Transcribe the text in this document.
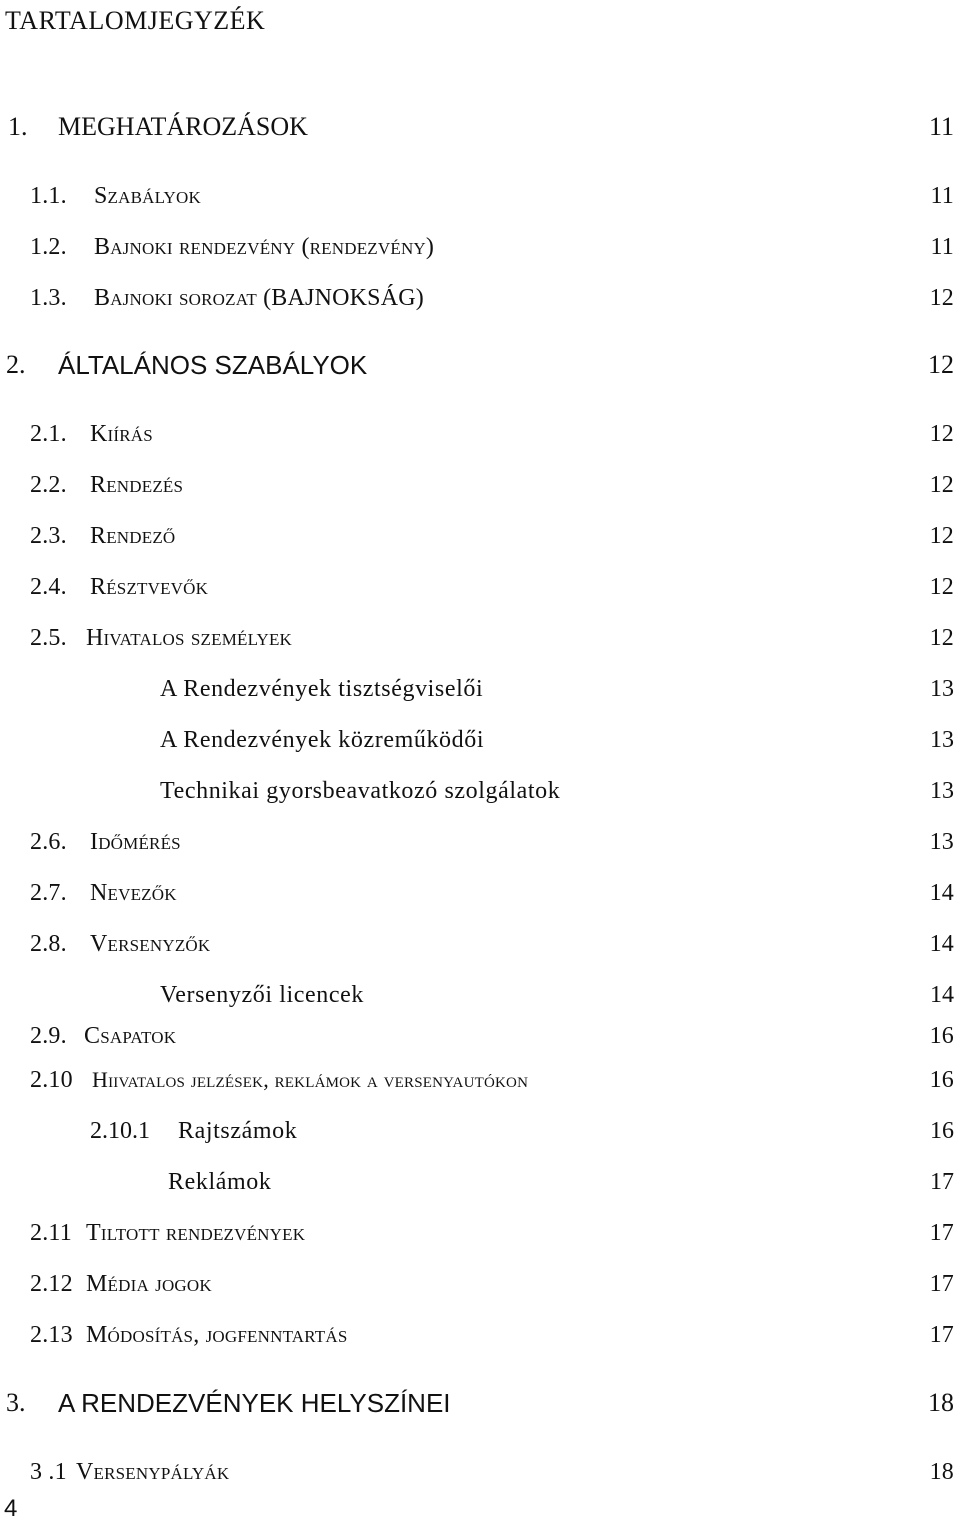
TARTALOMJEGYZÉK
1. MEGHATÁROZÁSOK	11
1.1. Szabályok	11
1.2. Bajnoki rendezvény (rendezvény)	11
1.3. Bajnoki sorozat (BAJNOKSÁG)	12
2. ÁLTALÁNOS SZABÁLYOK	12
2.1. Kiírás	12
2.2. Rendezés	12
2.3. Rendező	12
2.4. Résztvevők	12
2.5. Hivatalos személyek	12
A Rendezvények tisztségviselői	13
A Rendezvények közreműködői	13
Technikai gyorsbeavatkozó szolgálatok	13
2.6. Időmérés	13
2.7. Nevezők	14
2.8. Versenyzők	14
Versenyzői licencek	14
2.9. Csapatok	16
2.10 Hiivatalos jelzések, reklámok a versenyautókon	16
2.10.1 Rajtszámok	16
Reklámok	17
2.11 Tiltott rendezvények	17
2.12 Média jogok	17
2.13 Módosítás, jogfenntartás	17
3. A RENDEZVÉNYEK HELYSZÍNEI	18
3 .1 Versenypályák	18
4
